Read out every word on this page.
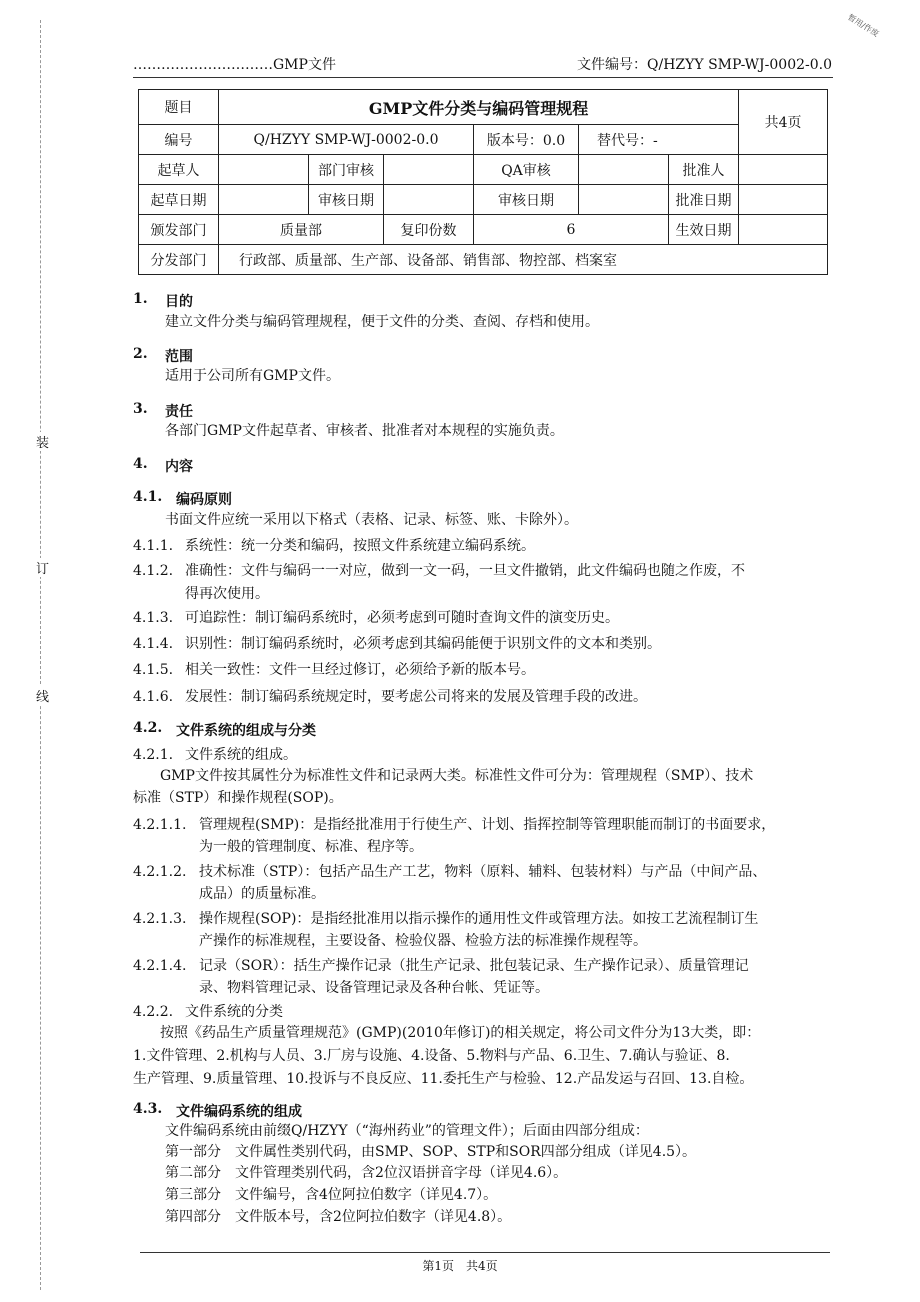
暂用/作废
装
订
线
…………………………GMP文件	文件编号：Q/HZYY SMP-WJ-0002-0.0
题目	GMP文件分类与编码管理规程						共4页
编号	Q/HZYY SMP-WJ-0002-0.0			版本号：0.0	替代号：-		
起草人		部门审核		QA审核		批准人	
起草日期		审核日期		审核日期		批准日期	
颁发部门	质量部		复印份数	6		生效日期	
分发部门	行政部、质量部、生产部、设备部、销售部、物控部、档案室						
1. 目的
建立文件分类与编码管理规程，便于文件的分类、查阅、存档和使用。
2. 范围
适用于公司所有GMP文件。
3. 责任
各部门GMP文件起草者、审核者、批准者对本规程的实施负责。
4. 内容
4.1. 编码原则
书面文件应统一采用以下格式（表格、记录、标签、账、卡除外）。
4.1.1. 系统性：统一分类和编码，按照文件系统建立编码系统。
4.1.2. 准确性：文件与编码一一对应，做到一文一码，一旦文件撤销，此文件编码也随之作废，不
得再次使用。
4.1.3. 可追踪性：制订编码系统时，必须考虑到可随时查询文件的演变历史。
4.1.4. 识别性：制订编码系统时，必须考虑到其编码能便于识别文件的文本和类别。
4.1.5. 相关一致性：文件一旦经过修订，必须给予新的版本号。
4.1.6. 发展性：制订编码系统规定时，要考虑公司将来的发展及管理手段的改进。
4.2. 文件系统的组成与分类
4.2.1. 文件系统的组成。
GMP文件按其属性分为标准性文件和记录两大类。标准性文件可分为：管理规程（SMP）、技术
标准（STP）和操作规程(SOP)。
4.2.1.1. 管理规程(SMP)：是指经批准用于行使生产、计划、指挥控制等管理职能而制订的书面要求，
为一般的管理制度、标准、程序等。
4.2.1.2. 技术标准（STP）：包括产品生产工艺，物料（原料、辅料、包装材料）与产品（中间产品、
成品）的质量标准。
4.2.1.3. 操作规程(SOP)：是指经批准用以指示操作的通用性文件或管理方法。如按工艺流程制订生
产操作的标准规程，主要设备、检验仪器、检验方法的标准操作规程等。
4.2.1.4. 记录（SOR）：括生产操作记录（批生产记录、批包装记录、生产操作记录）、质量管理记
录、物料管理记录、设备管理记录及各种台帐、凭证等。
4.2.2. 文件系统的分类
按照《药品生产质量管理规范》(GMP)(2010年修订)的相关规定，将公司文件分为13大类，即：
1.文件管理、2.机构与人员、3.厂房与设施、4.设备、5.物料与产品、6.卫生、7.确认与验证、8.
生产管理、9.质量管理、10.投诉与不良反应、11.委托生产与检验、12.产品发运与召回、13.自检。
4.3. 文件编码系统的组成
文件编码系统由前缀Q/HZYY（“海州药业”的管理文件）；后面由四部分组成：
第一部分　文件属性类别代码，由SMP、SOP、STP和SOR四部分组成（详见4.5）。
第二部分　文件管理类别代码，含2位汉语拼音字母（详见4.6）。
第三部分　文件编号，含4位阿拉伯数字（详见4.7）。
第四部分　文件版本号，含2位阿拉伯数字（详见4.8）。
第1页　共4页
